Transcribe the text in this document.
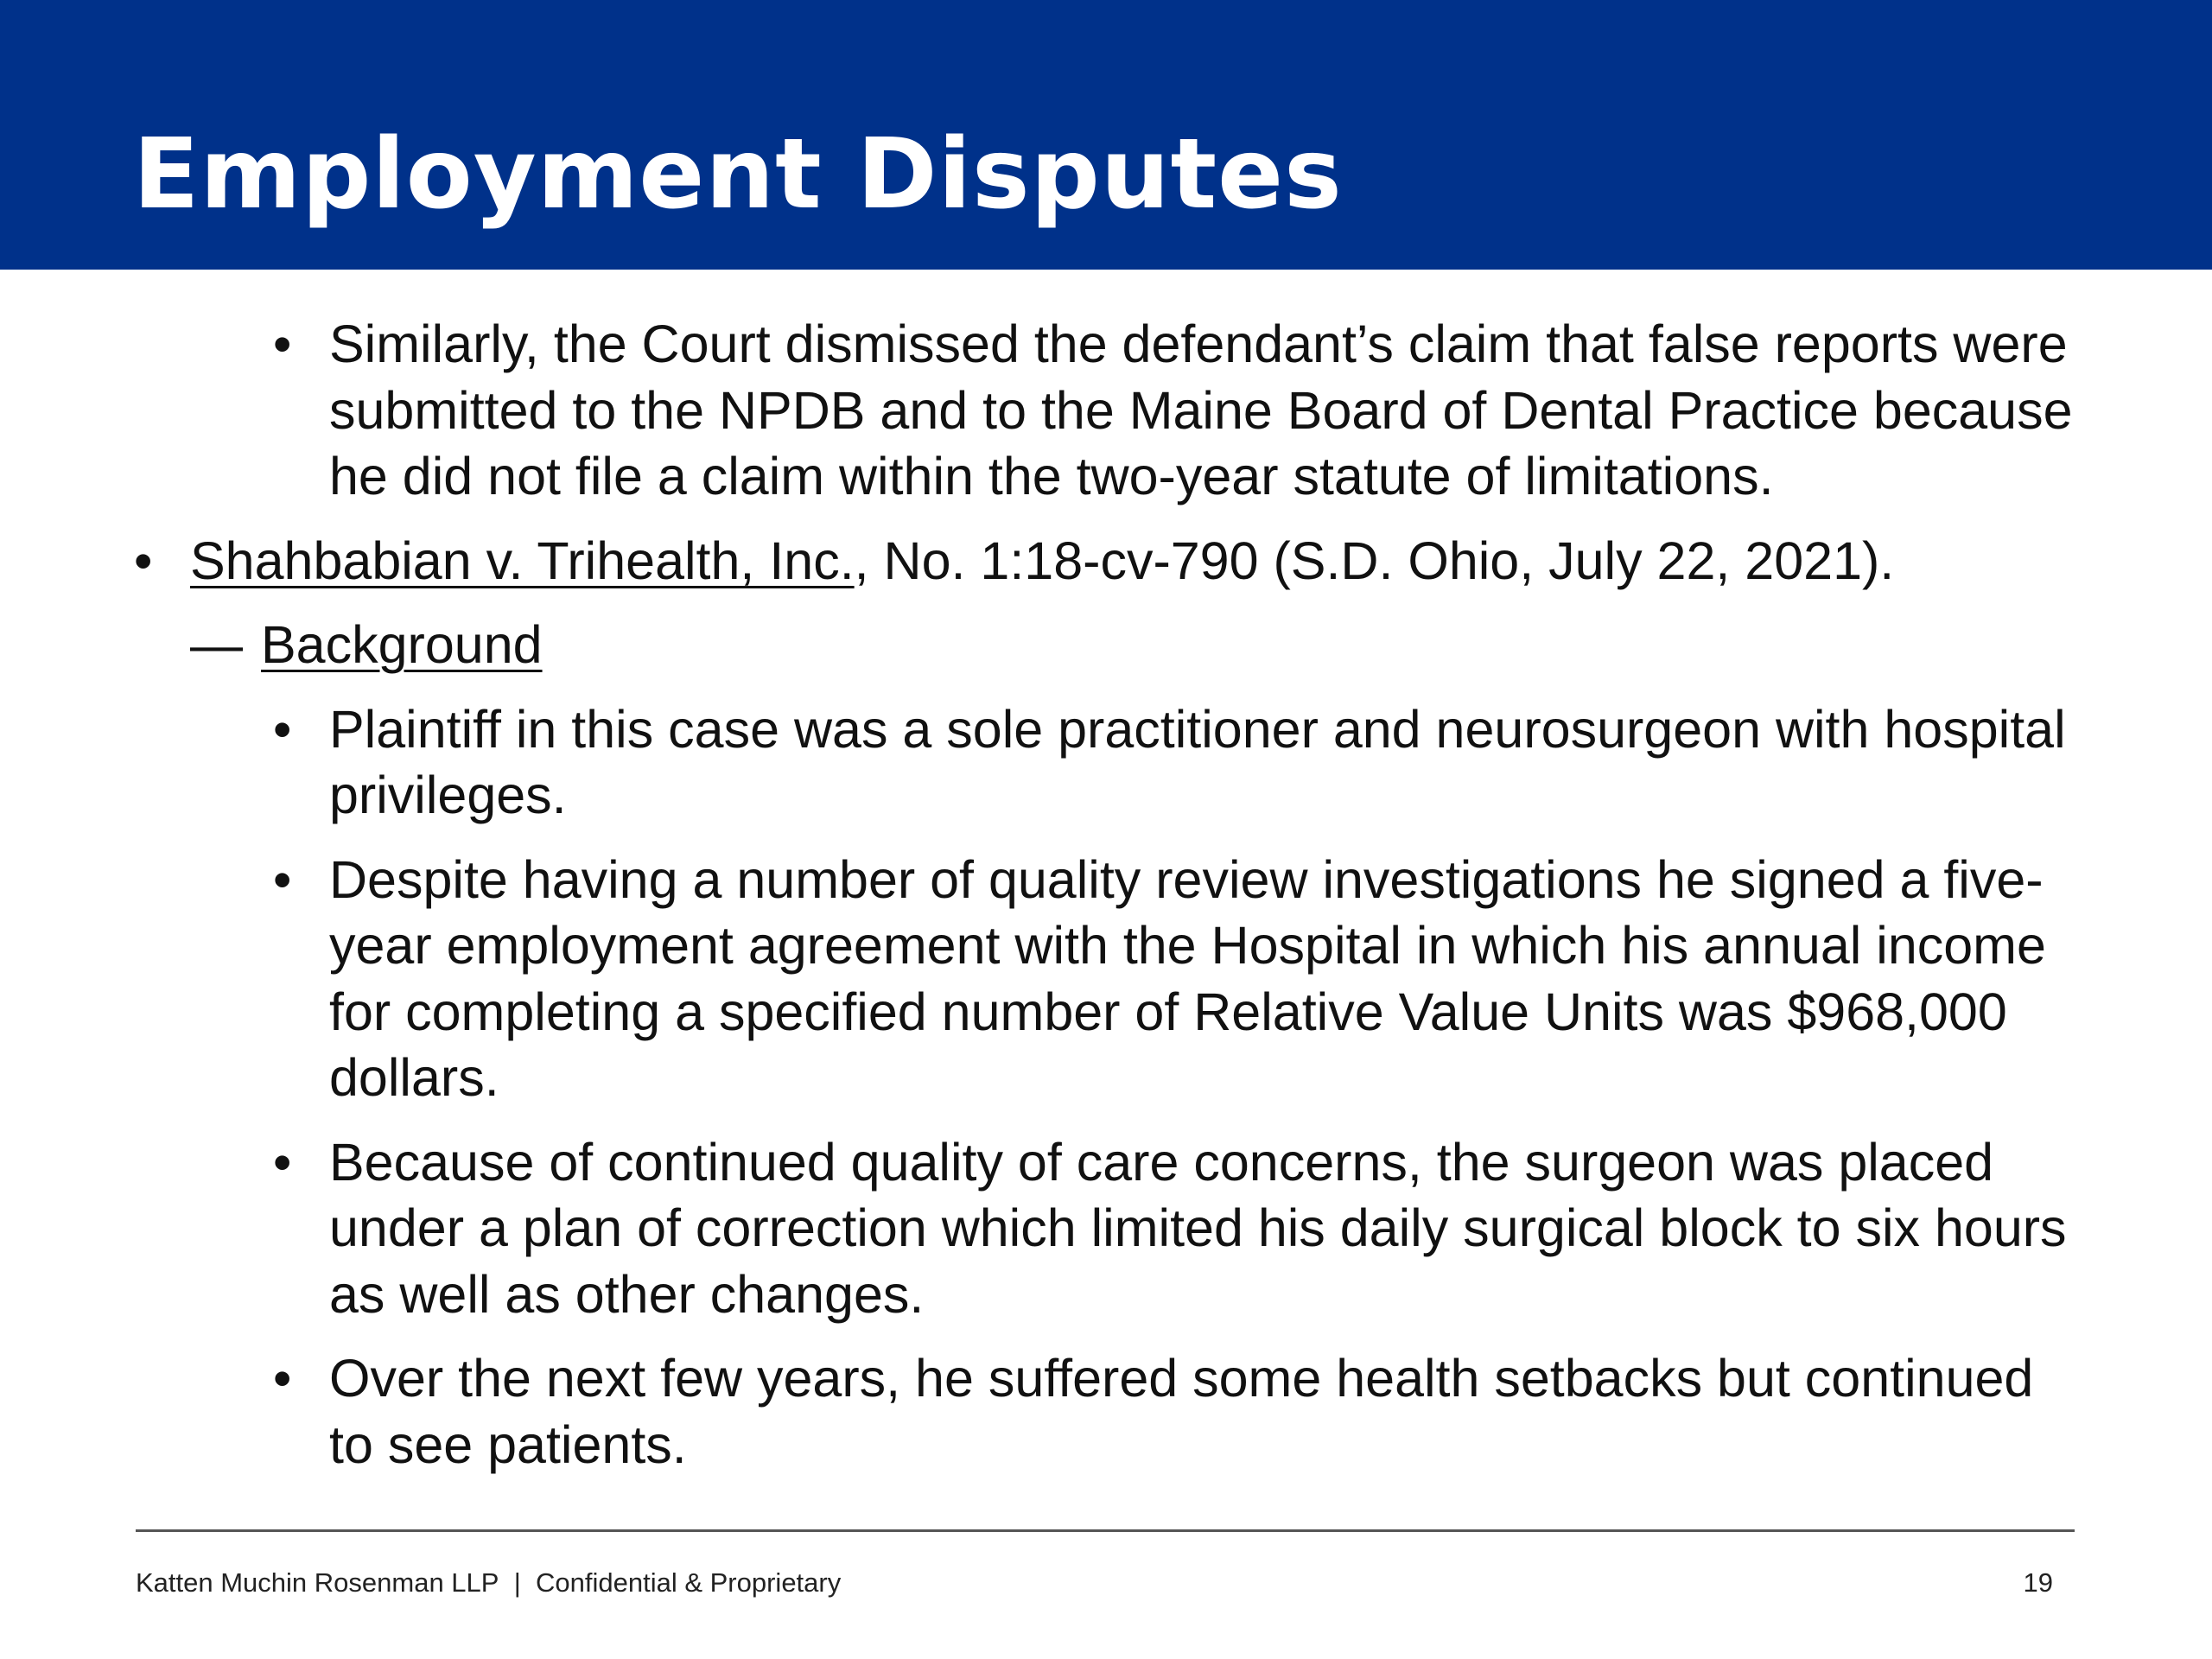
Employment Disputes
• Similarly, the Court dismissed the defendant’s claim that false reports were submitted to the NPDB and to the Maine Board of Dental Practice because he did not file a claim within the two-year statute of limitations.
• Shahbabian v. Trihealth, Inc., No. 1:18-cv-790 (S.D. Ohio, July 22, 2021).
— Background
• Plaintiff in this case was a sole practitioner and neurosurgeon with hospital privileges.
• Despite having a number of quality review investigations he signed a five-year employment agreement with the Hospital in which his annual income for completing a specified number of Relative Value Units was $968,000 dollars.
• Because of continued quality of care concerns, the surgeon was placed under a plan of correction which limited his daily surgical block to six hours as well as other changes.
• Over the next few years, he suffered some health setbacks but continued to see patients.
Katten Muchin Rosenman LLP | Confidential & Proprietary	19
